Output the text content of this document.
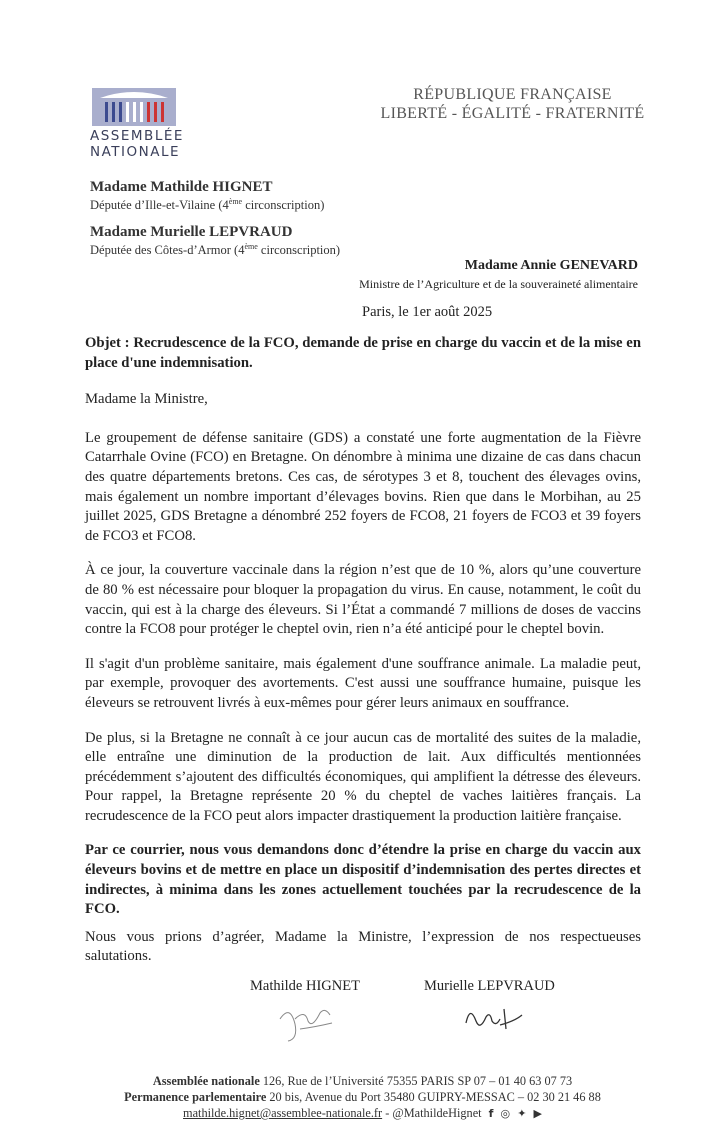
ASSEMBLÉE
NATIONALE
RÉPUBLIQUE FRANÇAISE
LIBERTÉ - ÉGALITÉ - FRATERNITÉ
Madame Mathilde HIGNET
Députée d’Ille-et-Vilaine (4ème circonscription)
Madame Murielle LEPVRAUD
Députée des Côtes-d’Armor (4ème circonscription)
Madame Annie GENEVARD
Ministre de l’Agriculture et de la souveraineté alimentaire
Paris, le 1er août 2025

Objet : Recrudescence de la FCO, demande de prise en charge du vaccin et de la mise en place d'une indemnisation.

Madame la Ministre,

Le groupement de défense sanitaire (GDS) a constaté une forte augmentation de la Fièvre Catarrhale Ovine (FCO) en Bretagne. On dénombre à minima une dizaine de cas dans chacun des quatre départements bretons. Ces cas, de sérotypes 3 et 8, touchent des élevages ovins, mais également un nombre important d’élevages bovins. Rien que dans le Morbihan, au 25 juillet 2025, GDS Bretagne a dénombré 252 foyers de FCO8, 21 foyers de FCO3 et 39 foyers de FCO3 et FCO8.

À ce jour, la couverture vaccinale dans la région n’est que de 10 %, alors qu’une couverture de 80 % est nécessaire pour bloquer la propagation du virus. En cause, notamment, le coût du vaccin, qui est à la charge des éleveurs. Si l’État a commandé 7 millions de doses de vaccins contre la FCO8 pour protéger le cheptel ovin, rien n’a été anticipé pour le cheptel bovin.

Il s'agit d'un problème sanitaire, mais également d'une souffrance animale. La maladie peut, par exemple, provoquer des avortements. C'est aussi une souffrance humaine, puisque les éleveurs se retrouvent livrés à eux-mêmes pour gérer leurs animaux en souffrance.

De plus, si la Bretagne ne connaît à ce jour aucun cas de mortalité des suites de la maladie, elle entraîne une diminution de la production de lait. Aux difficultés mentionnées précédemment s’ajoutent des difficultés économiques, qui amplifient la détresse des éleveurs. Pour rappel, la Bretagne représente 20 % du cheptel de vaches laitières français. La recrudescence de la FCO peut alors impacter drastiquement la production laitière française.

Par ce courrier, nous vous demandons donc d’étendre la prise en charge du vaccin aux éleveurs bovins et de mettre en place un dispositif d’indemnisation des pertes directes et indirectes, à minima dans les zones actuellement touchées par la recrudescence de la FCO.

Nous vous prions d’agréer, Madame la Ministre, l’expression de nos respectueuses salutations.

Mathilde HIGNET	Murielle LEPVRAUD
Assemblée nationale 126, Rue de l’Université 75355 PARIS SP 07 – 01 40 63 07 73
Permanence parlementaire 20 bis, Avenue du Port 35480 GUIPRY-MESSAC – 02 30 21 46 88
mathilde.hignet@assemblee-nationale.fr - @MathildeHignet f ◎ ✦ ▶
